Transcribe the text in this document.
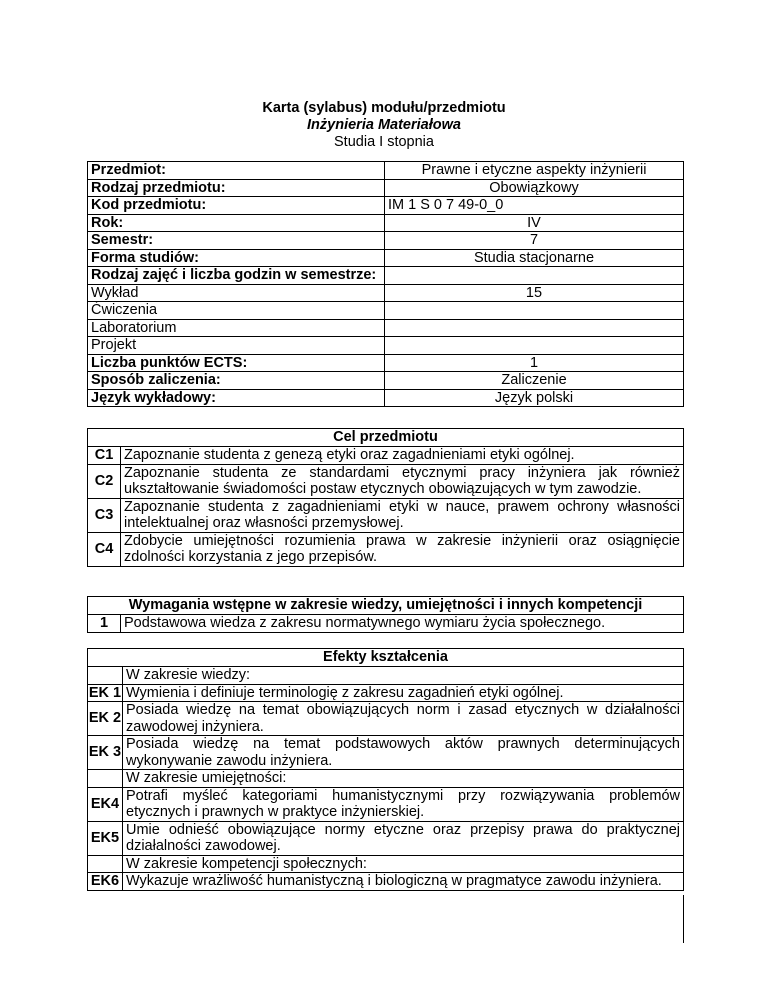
Karta (sylabus) modułu/przedmiotu
Inżynieria Materiałowa
Studia I stopnia
Przedmiot:	Prawne i etyczne aspekty inżynierii
Rodzaj przedmiotu:	Obowiązkowy
Kod przedmiotu:	IM 1 S 0 7 49-0_0
Rok:	IV
Semestr:	7
Forma studiów:	Studia stacjonarne
Rodzaj zajęć i liczba godzin w semestrze:	
Wykład	15
Ćwiczenia	
Laboratorium	
Projekt	
Liczba punktów ECTS:	1
Sposób zaliczenia:	Zaliczenie
Język wykładowy:	Język polski
Cel przedmiotu	
C1	Zapoznanie studenta z genezą etyki oraz zagadnieniami etyki ogólnej.
C2	Zapoznanie studenta ze standardami etycznymi pracy inżyniera jak również ukształtowanie świadomości postaw etycznych obowiązujących w tym zawodzie.
C3	Zapoznanie studenta z zagadnieniami etyki w nauce, prawem ochrony własności intelektualnej oraz własności przemysłowej.
C4	Zdobycie umiejętności rozumienia prawa w zakresie inżynierii oraz osiągnięcie zdolności korzystania z jego przepisów.
Wymagania wstępne w zakresie wiedzy, umiejętności i innych kompetencji
1	Podstawowa wiedza z zakresu normatywnego wymiaru życia społecznego.
Efekty kształcenia	
	W zakresie wiedzy:
EK 1	Wymienia i definiuje terminologię z zakresu zagadnień etyki ogólnej.
EK 2	Posiada wiedzę na temat obowiązujących norm i zasad etycznych w działalności zawodowej inżyniera.
EK 3	Posiada wiedzę na temat podstawowych aktów prawnych determinujących wykonywanie zawodu inżyniera.
	W zakresie umiejętności:
EK4	Potrafi myśleć kategoriami humanistycznymi przy rozwiązywania problemów etycznych i prawnych w praktyce inżynierskiej.
EK5	Umie odnieść obowiązujące normy etyczne oraz przepisy prawa do praktycznej działalności zawodowej.
	W zakresie kompetencji społecznych:
EK6	Wykazuje wrażliwość humanistyczną i biologiczną w pragmatyce zawodu inżyniera.
